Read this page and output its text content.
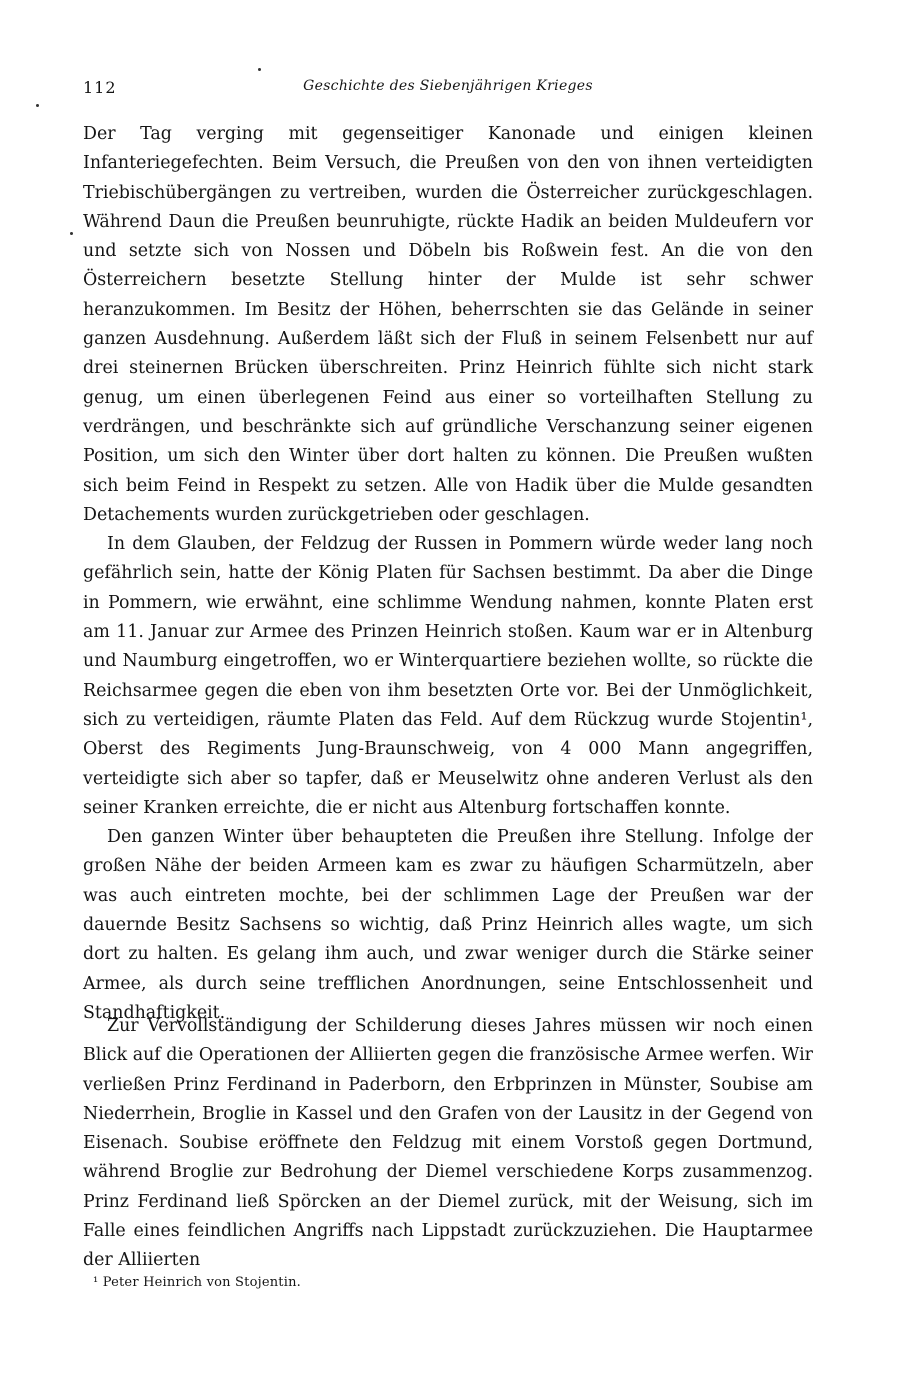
112	Geschichte des Siebenjährigen Krieges

Der Tag verging mit gegenseitiger Kanonade und einigen kleinen Infanteriegefechten. Beim Versuch, die Preußen von den von ihnen verteidigten Triebischübergängen zu vertreiben, wurden die Österreicher zurückgeschlagen. Während Daun die Preußen beunruhigte, rückte Hadik an beiden Muldeufern vor und setzte sich von Nossen und Döbeln bis Roßwein fest. An die von den Österreichern besetzte Stellung hinter der Mulde ist sehr schwer heranzukommen. Im Besitz der Höhen, beherrschten sie das Gelände in seiner ganzen Ausdehnung. Außerdem läßt sich der Fluß in seinem Felsenbett nur auf drei steinernen Brücken überschreiten. Prinz Heinrich fühlte sich nicht stark genug, um einen überlegenen Feind aus einer so vorteilhaften Stellung zu verdrängen, und beschränkte sich auf gründliche Verschanzung seiner eigenen Position, um sich den Winter über dort halten zu können. Die Preußen wußten sich beim Feind in Respekt zu setzen. Alle von Hadik über die Mulde gesandten Detachements wurden zurückgetrieben oder geschlagen.

In dem Glauben, der Feldzug der Russen in Pommern würde weder lang noch gefährlich sein, hatte der König Platen für Sachsen bestimmt. Da aber die Dinge in Pommern, wie erwähnt, eine schlimme Wendung nahmen, konnte Platen erst am 11. Januar zur Armee des Prinzen Heinrich stoßen. Kaum war er in Altenburg und Naumburg eingetroffen, wo er Winterquartiere beziehen wollte, so rückte die Reichsarmee gegen die eben von ihm besetzten Orte vor. Bei der Unmöglichkeit, sich zu verteidigen, räumte Platen das Feld. Auf dem Rückzug wurde Stojentin¹, Oberst des Regiments Jung-Braunschweig, von 4 000 Mann angegriffen, verteidigte sich aber so tapfer, daß er Meuselwitz ohne anderen Verlust als den seiner Kranken erreichte, die er nicht aus Altenburg fortschaffen konnte.

Den ganzen Winter über behaupteten die Preußen ihre Stellung. Infolge der großen Nähe der beiden Armeen kam es zwar zu häufigen Scharmützeln, aber was auch eintreten mochte, bei der schlimmen Lage der Preußen war der dauernde Besitz Sachsens so wichtig, daß Prinz Heinrich alles wagte, um sich dort zu halten. Es gelang ihm auch, und zwar weniger durch die Stärke seiner Armee, als durch seine trefflichen Anordnungen, seine Entschlossenheit und Standhaftigkeit.

Zur Vervollständigung der Schilderung dieses Jahres müssen wir noch einen Blick auf die Operationen der Alliierten gegen die französische Armee werfen. Wir verließen Prinz Ferdinand in Paderborn, den Erbprinzen in Münster, Soubise am Niederrhein, Broglie in Kassel und den Grafen von der Lausitz in der Gegend von Eisenach. Soubise eröffnete den Feldzug mit einem Vorstoß gegen Dortmund, während Broglie zur Bedrohung der Diemel verschiedene Korps zusammenzog. Prinz Ferdinand ließ Spörcken an der Diemel zurück, mit der Weisung, sich im Falle eines feindlichen Angriffs nach Lippstadt zurückzuziehen. Die Hauptarmee der Alliierten

¹ Peter Heinrich von Stojentin.
